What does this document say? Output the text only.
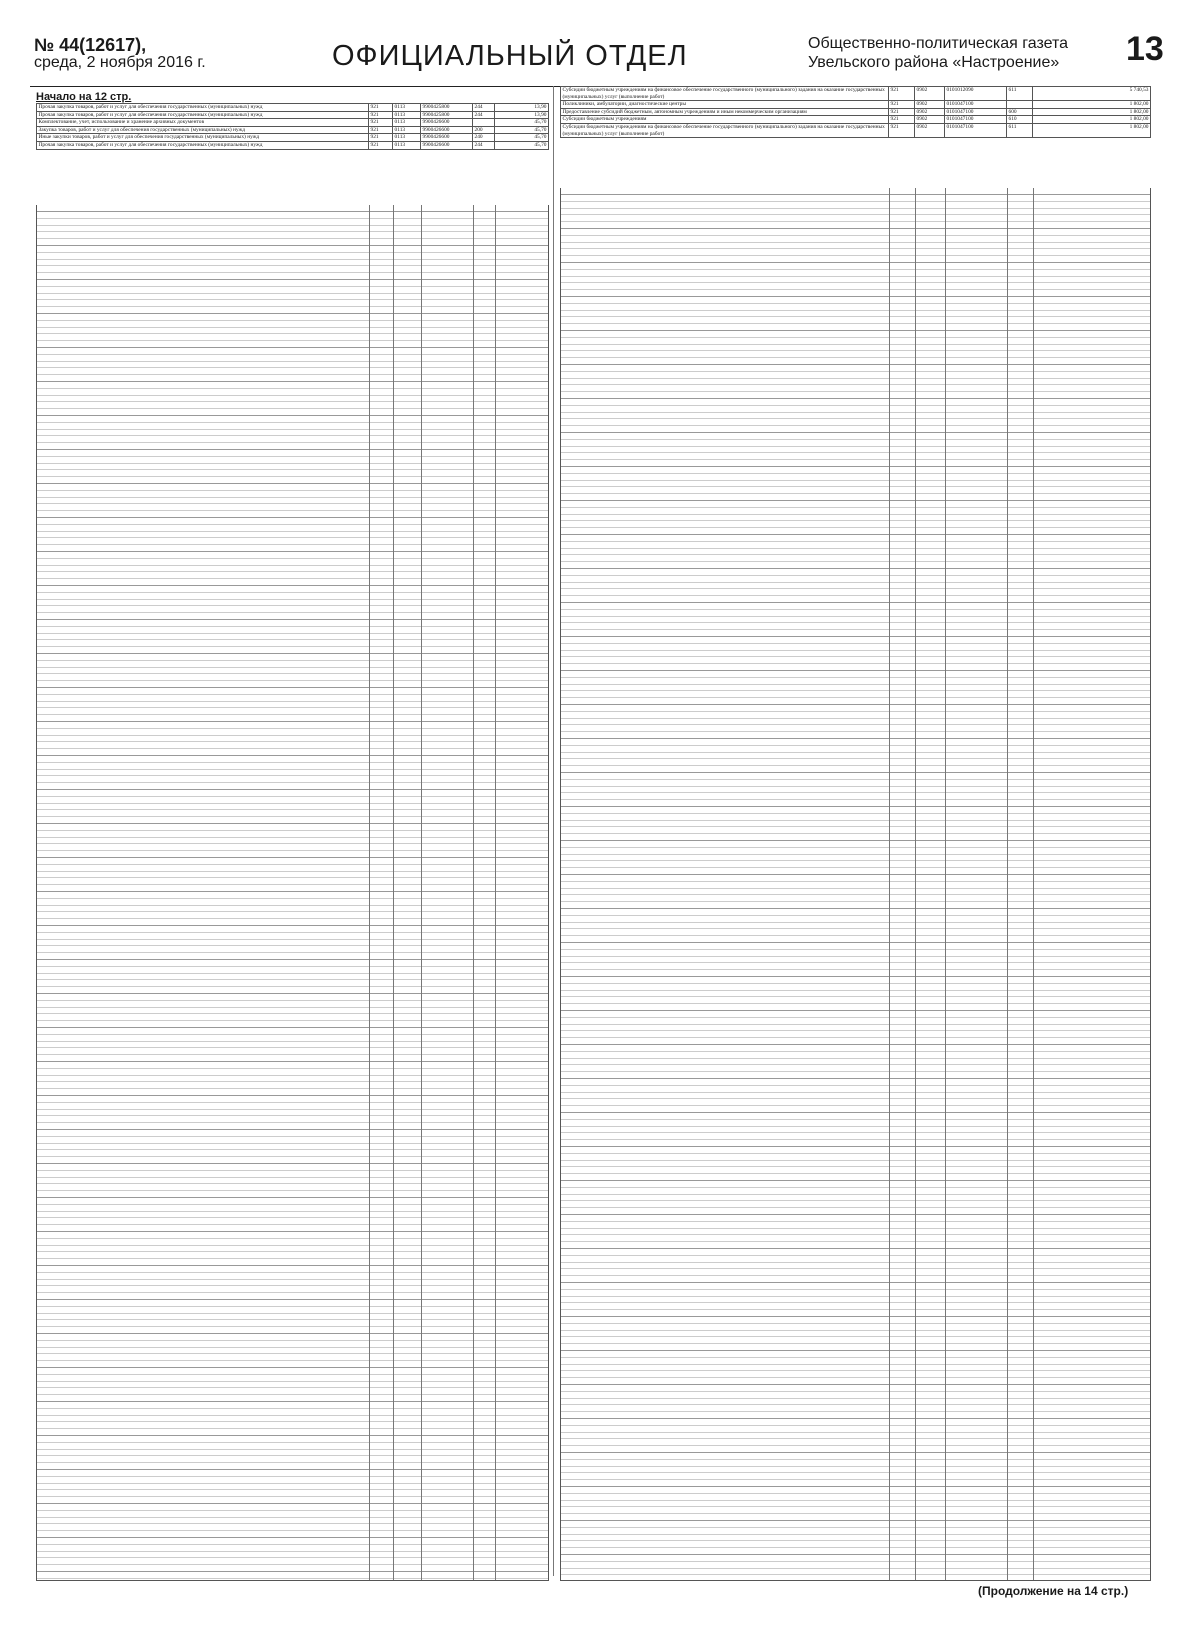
№ 44(12617),
среда, 2 ноября 2016 г.	ОФИЦИАЛЬНЫЙ ОТДЕЛ	Общественно-политическая газета
Увельского района «Настроение»	13
Начало на 12 стр.
Прочая закупка товаров, работ и услуг для обеспечения государственных (муниципальных) нужд	921	0113	9900425800	244	13,90
Прочая закупка товаров, работ и услуг для обеспечения государственных (муниципальных) нужд	921	0113	9900425800	244	13,90
Комплектование, учет, использование и хранение архивных документов	921	0113	9900426600		45,70
Закупка товаров, работ и услуг для обеспечения государственных (муниципальных) нужд	921	0113	9900426600	200	45,70
Иные закупки товаров, работ и услуг для обеспечения государственных (муниципальных) нужд	921	0113	9900426600	240	45,70
Прочая закупка товаров, работ и услуг для обеспечения государственных (муниципальных) нужд	921	0113	9900426600	244	45,70
Субсидии бюджетным учреждениям на финансовое обеспечение государственного (муниципального) задания на оказание государственных (муниципальных) услуг (выполнение работ)	921	0902	0101012090	611	5 740,53
Поликлиники, амбулатории, диагностические центры	921	0902	0101047100		1 802,00
Предоставление субсидий бюджетным, автономным учреждениям и иным некоммерческим организациям	921	0902	0101047100	600	1 802,00
Субсидии бюджетным учреждениям	921	0902	0101047100	610	1 802,00
Субсидии бюджетным учреждениям на финансовое обеспечение государственного (муниципального) задания на оказание государственных (муниципальных) услуг (выполнение работ)	921	0902	0101047100	611	1 802,00
(Продолжение на 14 стр.)
